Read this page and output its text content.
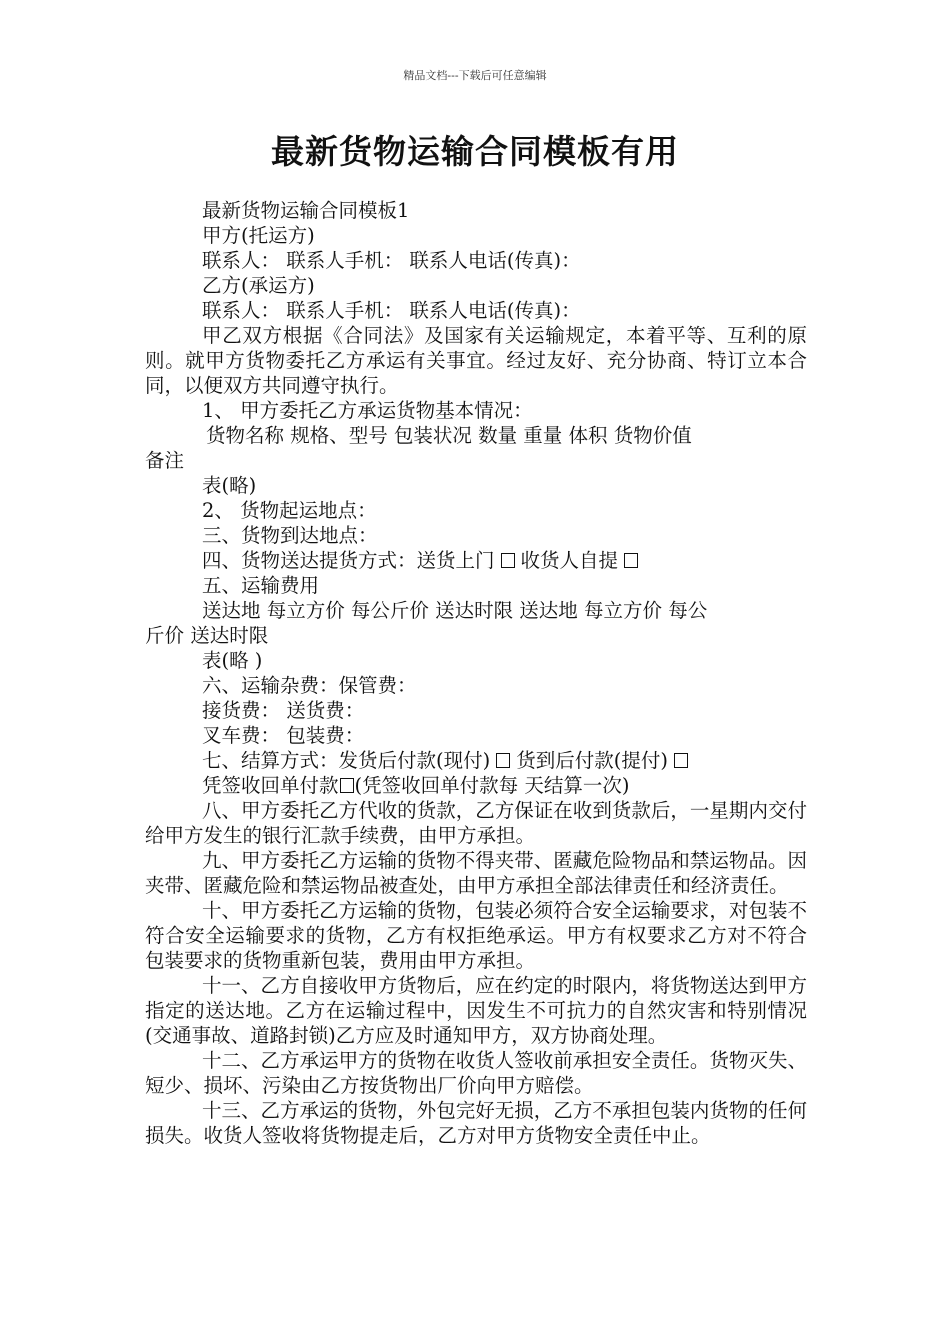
精品文档---下载后可任意编辑
最新货物运输合同模板有用
最新货物运输合同模板1
甲方(托运方)
联系人： 联系人手机： 联系人电话(传真)：
乙方(承运方)
联系人： 联系人手机： 联系人电话(传真)：
甲乙双方根据《合同法》及国家有关运输规定，本着平等、互利的原则。就甲方货物委托乙方承运有关事宜。经过友好、充分协商、特订立本合同，以便双方共同遵守执行。
1、 甲方委托乙方承运货物基本情况：
货物名称 规格、型号 包装状况 数量 重量 体积 货物价值
备注
表(略)
2、 货物起运地点：
三、货物到达地点：
四、货物送达提货方式：送货上门 收货人自提
五、运输费用
送达地 每立方价 每公斤价 送达时限 送达地 每立方价 每公
斤价 送达时限
表(略 )
六、运输杂费：保管费：
接货费： 送货费：
叉车费： 包装费：
七、结算方式：发货后付款(现付) 货到后付款(提付)
凭签收回单付款 (凭签收回单付款每 天结算一次)
八、甲方委托乙方代收的货款，乙方保证在收到货款后，一星期内交付给甲方发生的银行汇款手续费，由甲方承担。
九、甲方委托乙方运输的货物不得夹带、匿藏危险物品和禁运物品。因夹带、匿藏危险和禁运物品被查处，由甲方承担全部法律责任和经济责任。
十、甲方委托乙方运输的货物，包装必须符合安全运输要求，对包装不符合安全运输要求的货物，乙方有权拒绝承运。甲方有权要求乙方对不符合包装要求的货物重新包装，费用由甲方承担。
十一、乙方自接收甲方货物后，应在约定的时限内，将货物送达到甲方指定的送达地。乙方在运输过程中，因发生不可抗力的自然灾害和特别情况(交通事故、道路封锁)乙方应及时通知甲方，双方协商处理。
十二、乙方承运甲方的货物在收货人签收前承担安全责任。货物灭失、短少、损坏、污染由乙方按货物出厂价向甲方赔偿。
十三、乙方承运的货物，外包完好无损，乙方不承担包装内货物的任何损失。收货人签收将货物提走后，乙方对甲方货物安全责任中止。
